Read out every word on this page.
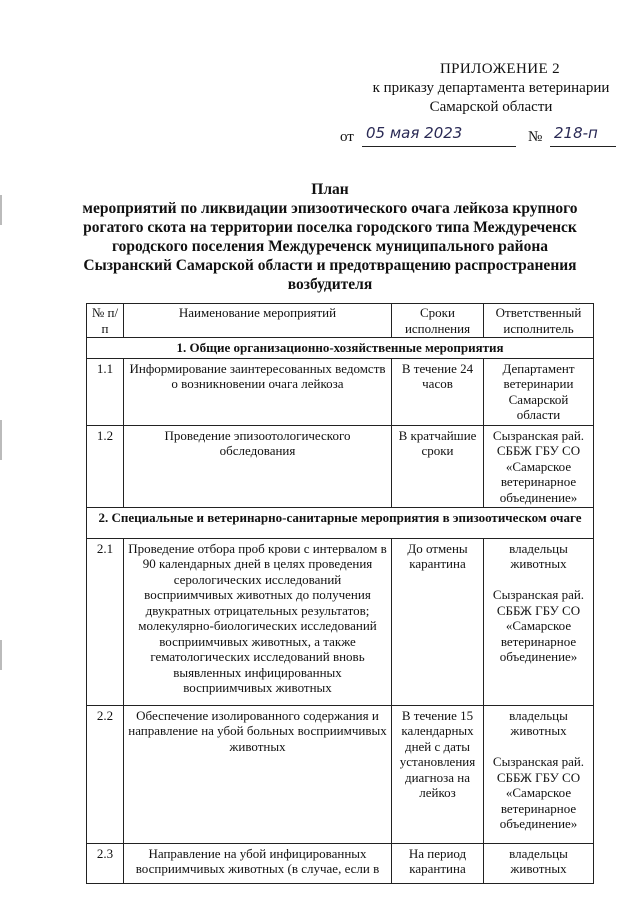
ПРИЛОЖЕНИЕ 2
к приказу департамента ветеринарии
Самарской области
от 05 мая 2023	№ 218-п
План
мероприятий по ликвидации эпизоотического очага лейкоза крупного рогатого скота на территории поселка городского типа Междуреченск городского поселения Междуреченск муниципального района Сызранский Самарской области и предотвращению распространения возбудителя
№ п/п	Наименование мероприятий	Сроки исполнения	Ответственный исполнитель
1. Общие организационно-хозяйственные мероприятия			
1.1	Информирование заинтересованных ведомств о возникновении очага лейкоза	В течение 24 часов	Департамент ветеринарии Самарской области
1.2	Проведение эпизоотологического обследования	В кратчайшие сроки	Сызранская рай. СББЖ ГБУ СО «Самарское ветеринарное объединение»
2. Специальные и ветеринарно-санитарные мероприятия в эпизоотическом очаге			
2.1	Проведение отбора проб крови с интервалом в 90 календарных дней в целях проведения серологических исследований восприимчивых животных до получения двукратных отрицательных результатов; молекулярно-биологических исследований восприимчивых животных, а также гематологических исследований вновь выявленных инфицированных восприимчивых животных	До отмены карантина	владельцы животных
Сызранская рай. СББЖ ГБУ СО «Самарское ветеринарное объединение»
2.2	Обеспечение изолированного содержания и направление на убой больных восприимчивых животных	В течение 15 календарных дней с даты установления диагноза на лейкоз	владельцы животных
Сызранская рай. СББЖ ГБУ СО «Самарское ветеринарное объединение»
2.3	Направление на убой инфицированных восприимчивых животных (в случае, если в	На период карантина	владельцы животных
